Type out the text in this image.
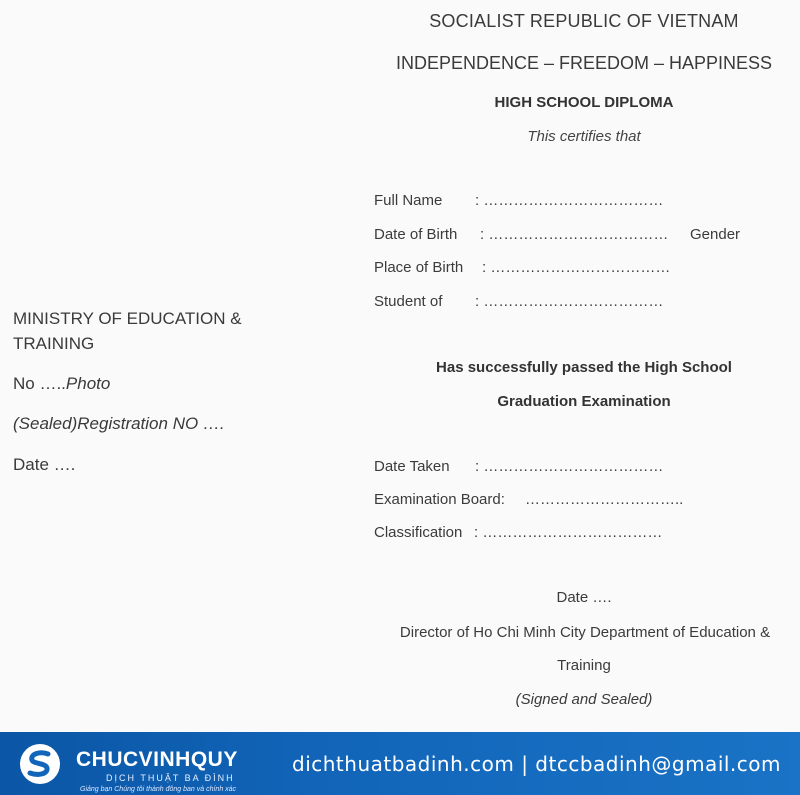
SOCIALIST REPUBLIC OF VIETNAM
INDEPENDENCE – FREEDOM – HAPPINESS
HIGH SCHOOL DIPLOMA
This certifies that
Full Name : ………………………………
Date of Birth : ……………………………… Gender
Place of Birth : ………………………………
Student of : ………………………………
MINISTRY OF EDUCATION &
TRAINING
No …..Photo
(Sealed)Registration NO ….
Date ….
Has successfully passed the High School
Graduation Examination
Date Taken : ………………………………
Examination Board: …………………………..
Classification : ………………………………
Date ….
Director of Ho Chi Minh City Department of Education &
Training
(Signed and Sealed)
CHUCVINHQUY
DỊCH THUẬT BA ĐÌNH
Giảng bạn Chúng tôi thành đông ban và chính xác
dichthuatbadinh.com | dtccbadinh@gmail.com
